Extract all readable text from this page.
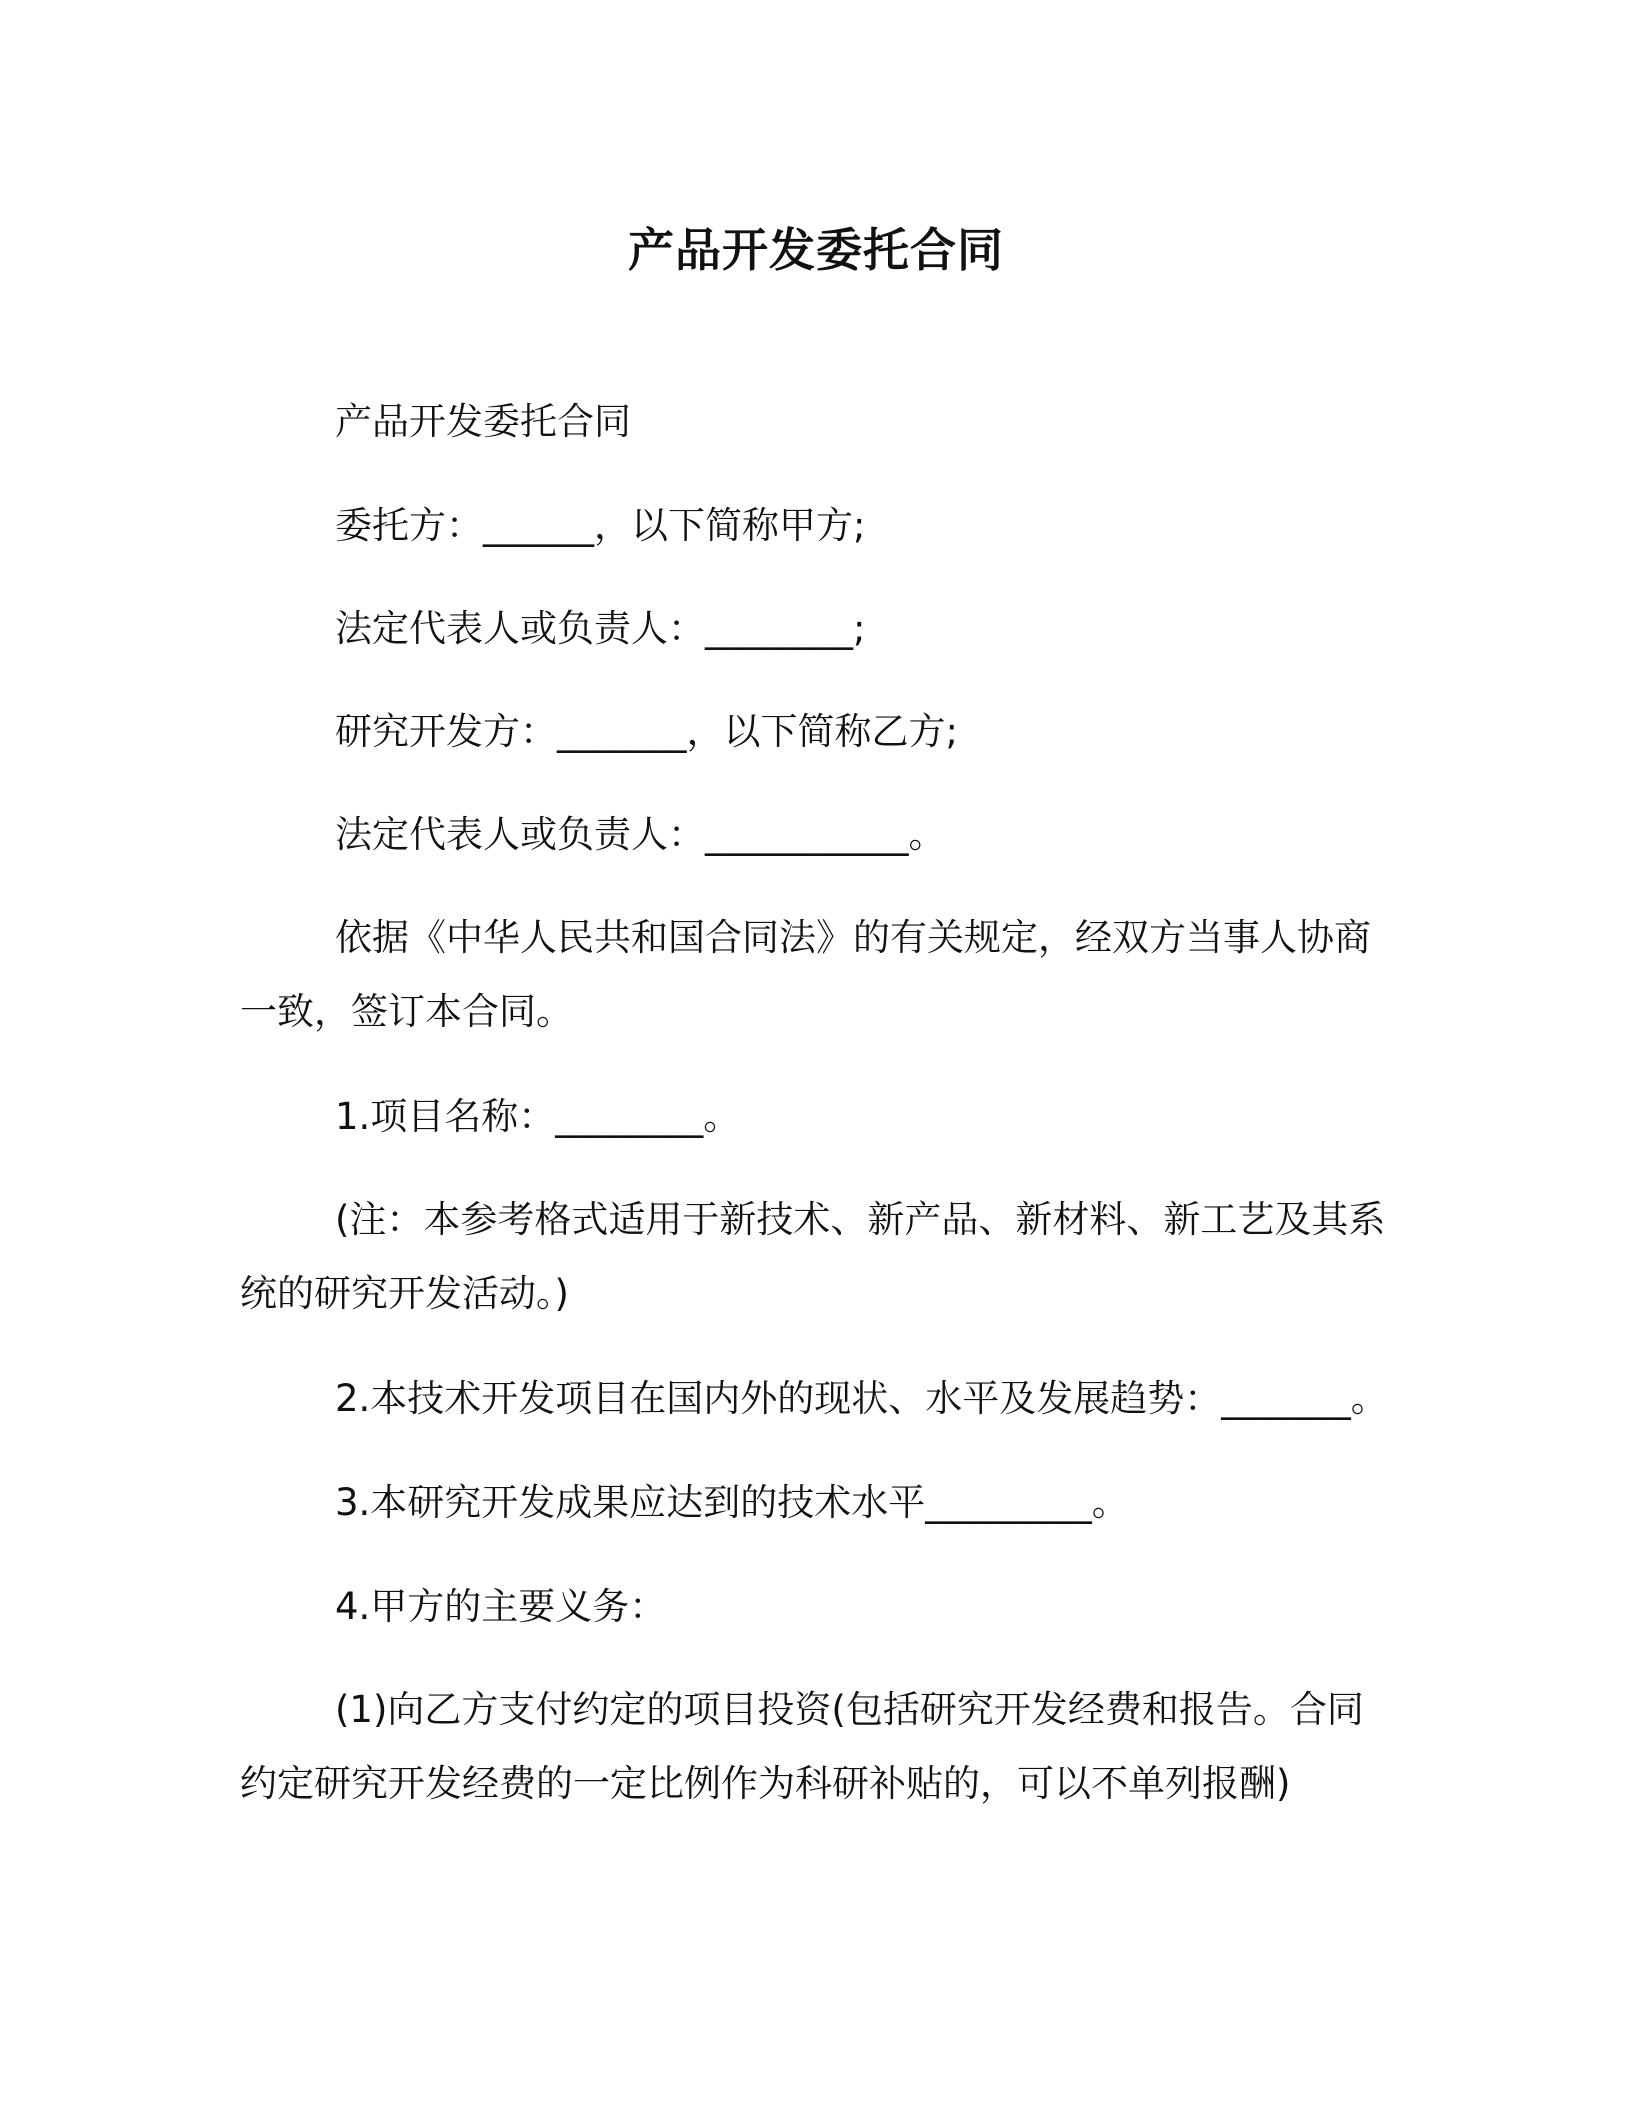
产品开发委托合同

产品开发委托合同

委托方：______，以下简称甲方;

法定代表人或负责人：________;

研究开发方：_______，以下简称乙方;

法定代表人或负责人：___________。

依据《中华人民共和国合同法》的有关规定，经双方当事人协商一致，签订本合同。

1.项目名称：________。

(注：本参考格式适用于新技术、新产品、新材料、新工艺及其系统的研究开发活动。)

2.本技术开发项目在国内外的现状、水平及发展趋势：_______。

3.本研究开发成果应达到的技术水平_________。

4.甲方的主要义务：

(1)向乙方支付约定的项目投资(包括研究开发经费和报告。合同约定研究开发经费的一定比例作为科研补贴的，可以不单列报酬)
